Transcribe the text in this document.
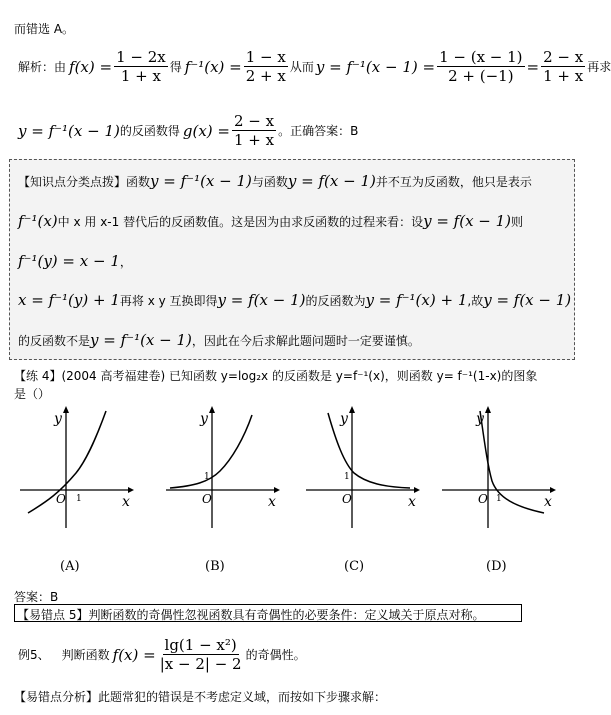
而错选 A。
解析：由 $f(x) = \frac{1 - 2x}{1 + x}$ 得 $f^{-1}(x) = \frac{1 - x}{2 + x}$ 从而 $y = f^{-1}(x - 1) = \frac{1 - (x - 1)}{2 + (-1)} = \frac{2 - x}{1 + x}$ 再求
y = f⁻¹(x − 1) 的反函数得 $g(x) = \frac{2 - x}{1 + x}$ 。正确答案：B
【知识点分类点拨】函数 y = f⁻¹(x − 1) 与函数 y = f(x − 1) 并不互为反函数，他只是表示
f⁻¹(x) 中 x 用 x-1 替代后的反函数值。这是因为由求反函数的过程来看：设 y = f(x − 1) 则
f⁻¹(y) = x − 1 ，
x = f⁻¹(y) + 1 再将 x y 互换即得 y = f(x − 1) 的反函数为 y = f⁻¹(x) + 1 ,故 y = f(x − 1)
的反函数不是 y = f⁻¹(x − 1) ，因此在今后求解此题问题时一定要谨慎。
【练 4】(2004 高考福建卷) 已知函数 y=log₂x 的反函数是 y=f⁻¹(x)，则函数 y= f⁻¹(1-x)的图象
是（）
y
x
O 1
y
x
O
1
y
x
O
1
y
x
O 1
(A)	(B)	(C)	(D)
答案：B
【易错点 5】判断函数的奇偶性忽视函数具有奇偶性的必要条件：定义域关于原点对称。
例5、 判断函数 $f(x) = \frac{\text{lg(1 − x²)}}{|x - 2| - 2}$ 的奇偶性。
【易错点分析】此题常犯的错误是不考虑定义域，而按如下步骤求解：
